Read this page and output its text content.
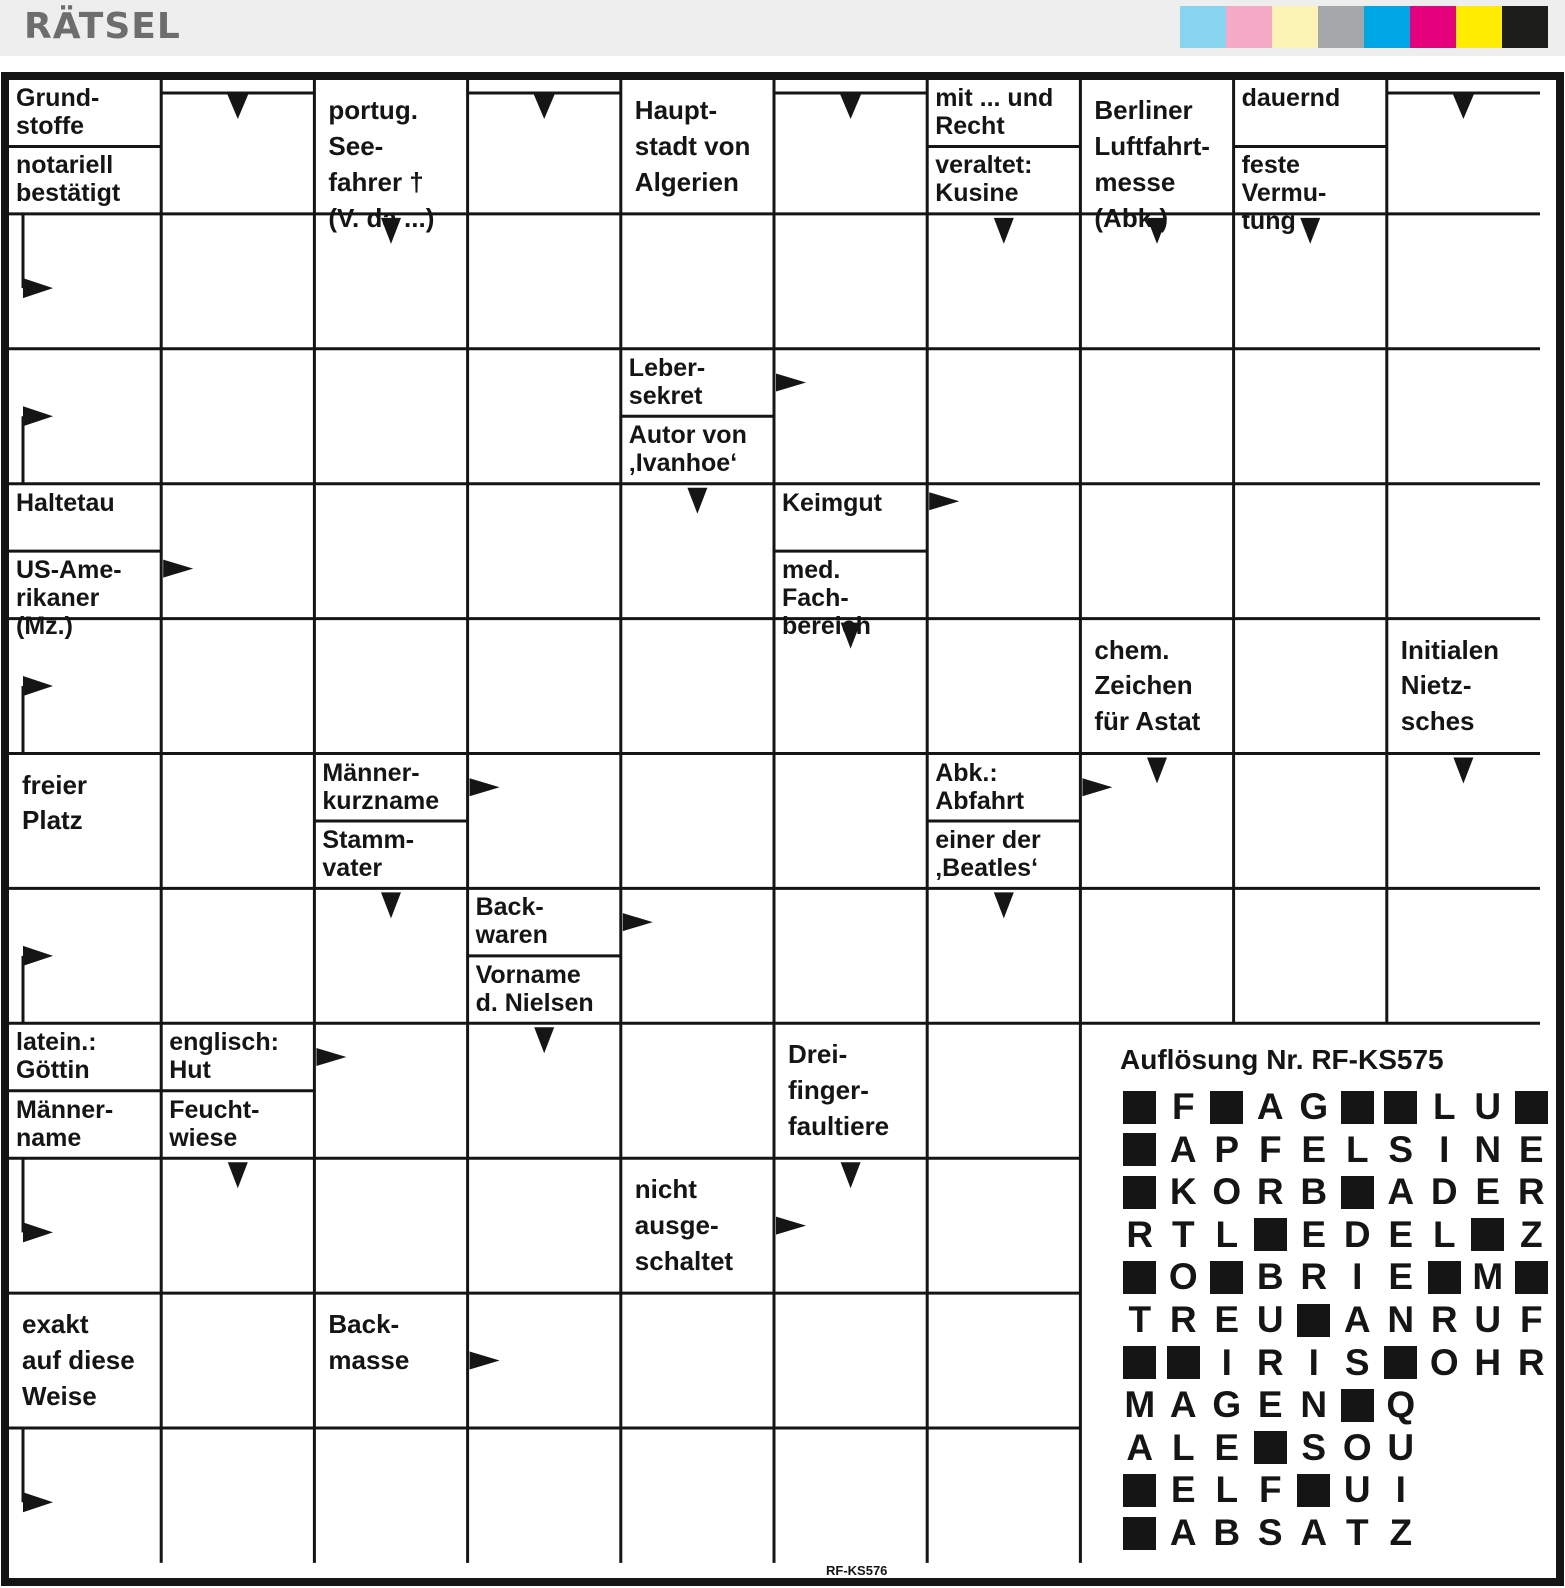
RÄTSEL
Grund-
stoffe
notariell
bestätigt
portug.
See-
fahrer †
(V. da ...)
Haupt-
stadt von
Algerien
mit ... und
Recht
veraltet:
Kusine
Berliner
Luftfahrt-
messe
(Abk.)
dauernd
feste
Vermu-
tung
Leber-
sekret
Autor von
‚Ivanhoe‘
Haltetau
US-Ame-
rikaner
(Mz.)
Keimgut
med.
Fach-
bereich
chem.
Zeichen
für Astat
Initialen
Nietz-
sches
freier
Platz
Männer-
kurzname
Stamm-
vater
Abk.:
Abfahrt
einer der
‚Beatles‘
Back-
waren
Vorname
d. Nielsen
latein.:
Göttin
Männer-
name
englisch:
Hut
Feucht-
wiese
Drei-
finger-
faultiere
nicht
ausge-
schaltet
exakt
auf diese
Weise
Back-
masse
Auflösung Nr. RF-KS575
F A G	L U
A P F E L S I N E
K O R B A D E R
R T L E D E L Z
O B R I E M
T R E U A N R U F
I R I S O H R
M A G E N Q
A L E S O U
E L F U I
A B S A T Z
RF-KS576
